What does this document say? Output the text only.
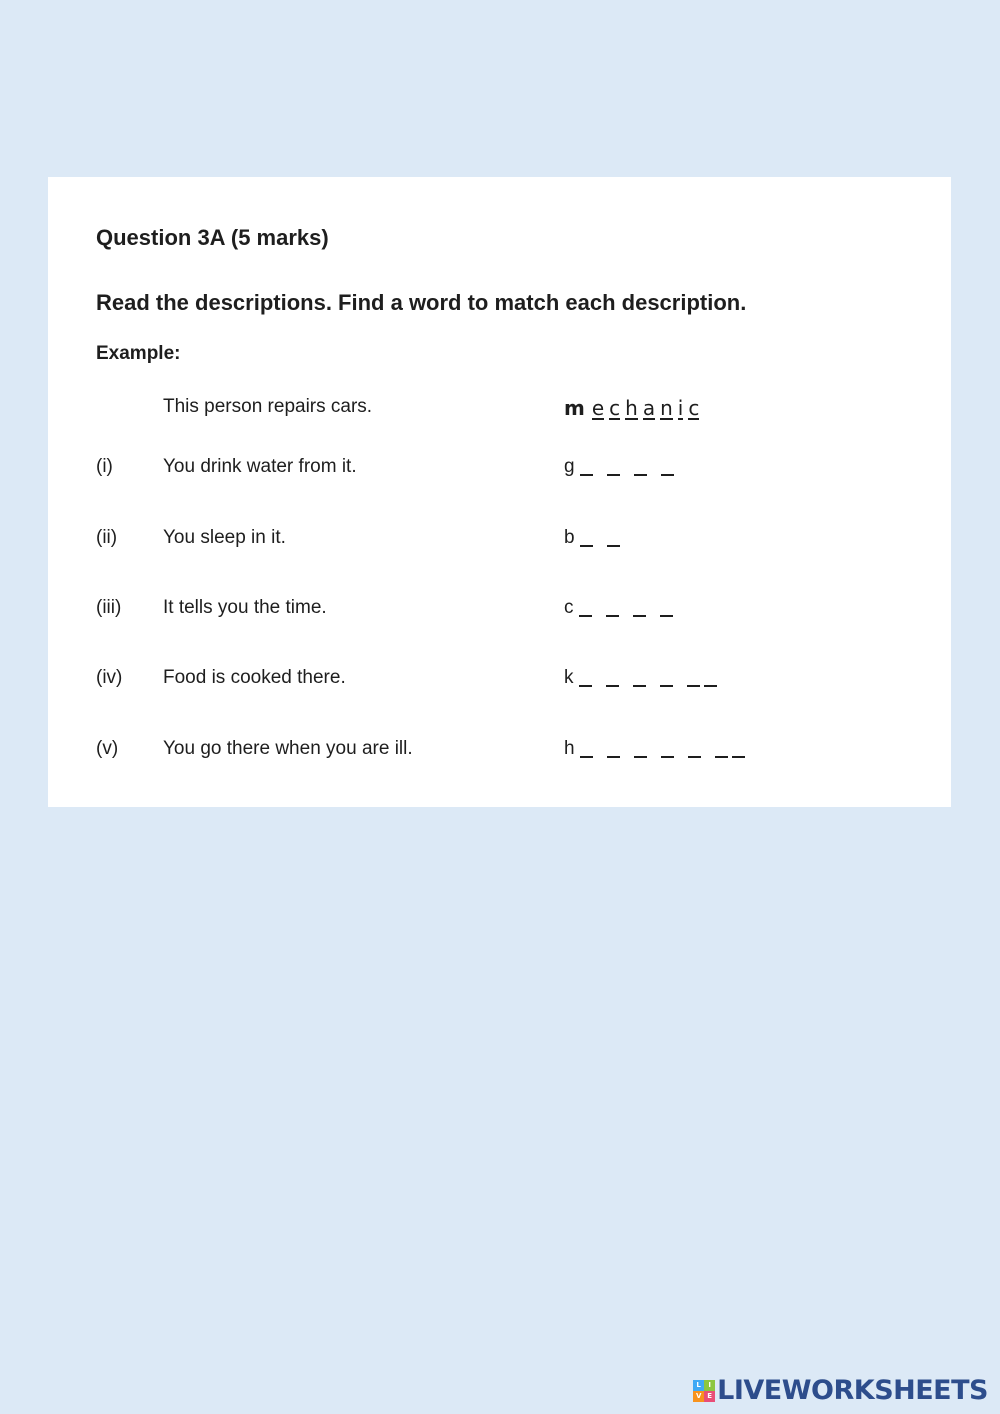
Question 3A (5 marks)
Read the descriptions. Find a word to match each description.
Example:
This person repairs cars.	m e c h a n i c
(i)	You drink water from it.	g
(ii) You sleep in it.	b
(iii) It tells you the time.	c
(iv) Food is cooked there.	k
(v) You go there when you are ill.	h
L	I
V E LIVEWORKSHEETS
